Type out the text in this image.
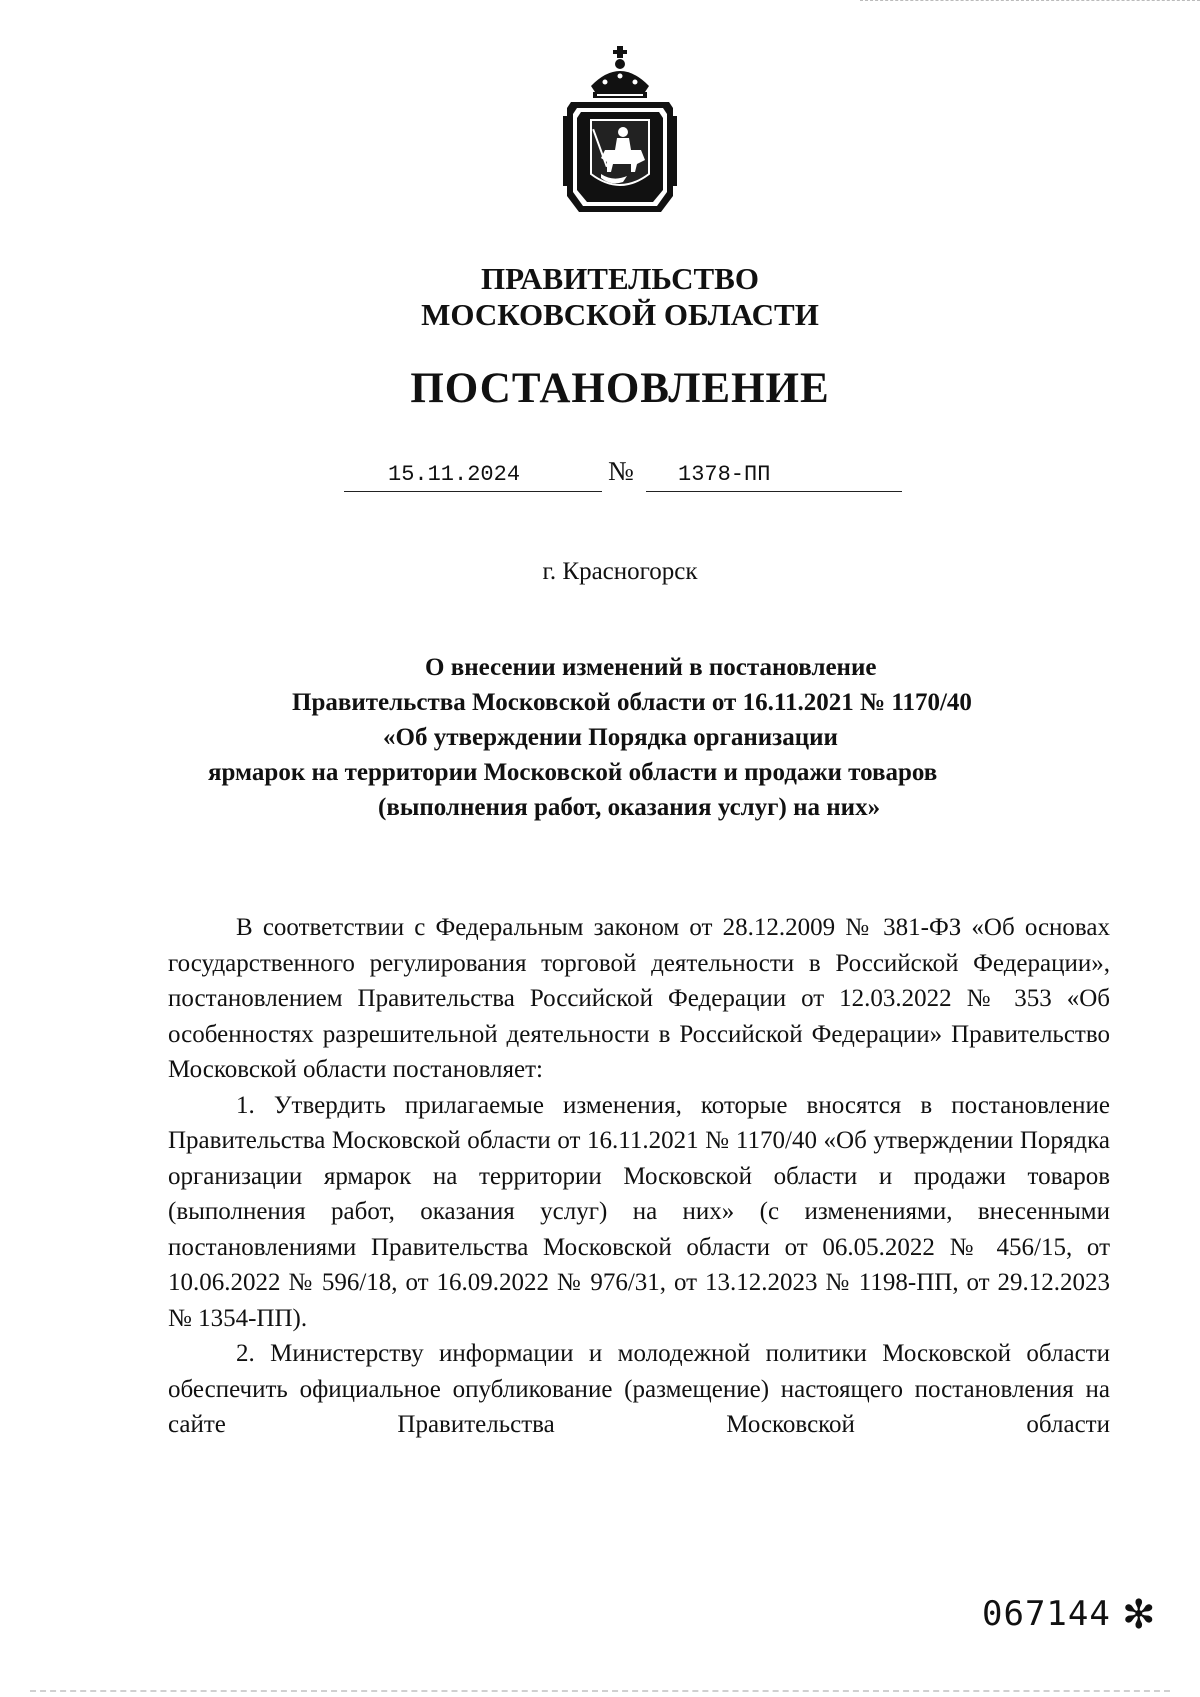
ПРАВИТЕЛЬСТВО
МОСКОВСКОЙ ОБЛАСТИ
ПОСТАНОВЛЕНИЕ
15.11.2024	№	1378-ПП
г. Красногорск
О внесении изменений в постановление
Правительства Московской области от 16.11.2021 № 1170/40
«Об утверждении Порядка организации
ярмарок на территории Московской области и продажи товаров
(выполнения работ, оказания услуг) на них»

В соответствии с Федеральным законом от 28.12.2009 № 381-ФЗ «Об основах государственного регулирования торговой деятельности в Российской Федерации», постановлением Правительства Российской Федерации от 12.03.2022 № 353 «Об особенностях разрешительной деятельности в Российской Федерации» Правительство Московской области постановляет:

1. Утвердить прилагаемые изменения, которые вносятся в постановление Правительства Московской области от 16.11.2021 № 1170/40 «Об утверждении Порядка организации ярмарок на территории Московской области и продажи товаров (выполнения работ, оказания услуг) на них» (с изменениями, внесенными постановлениями Правительства Московской области от 06.05.2022 № 456/15, от 10.06.2022 № 596/18, от 16.09.2022 № 976/31, от 13.12.2023 № 1198-ПП, от 29.12.2023 № 1354-ПП).

2. Министерству информации и молодежной политики Московской области обеспечить официальное опубликование (размещение) настоящего постановления на сайте Правительства Московской области

067144 ✻
